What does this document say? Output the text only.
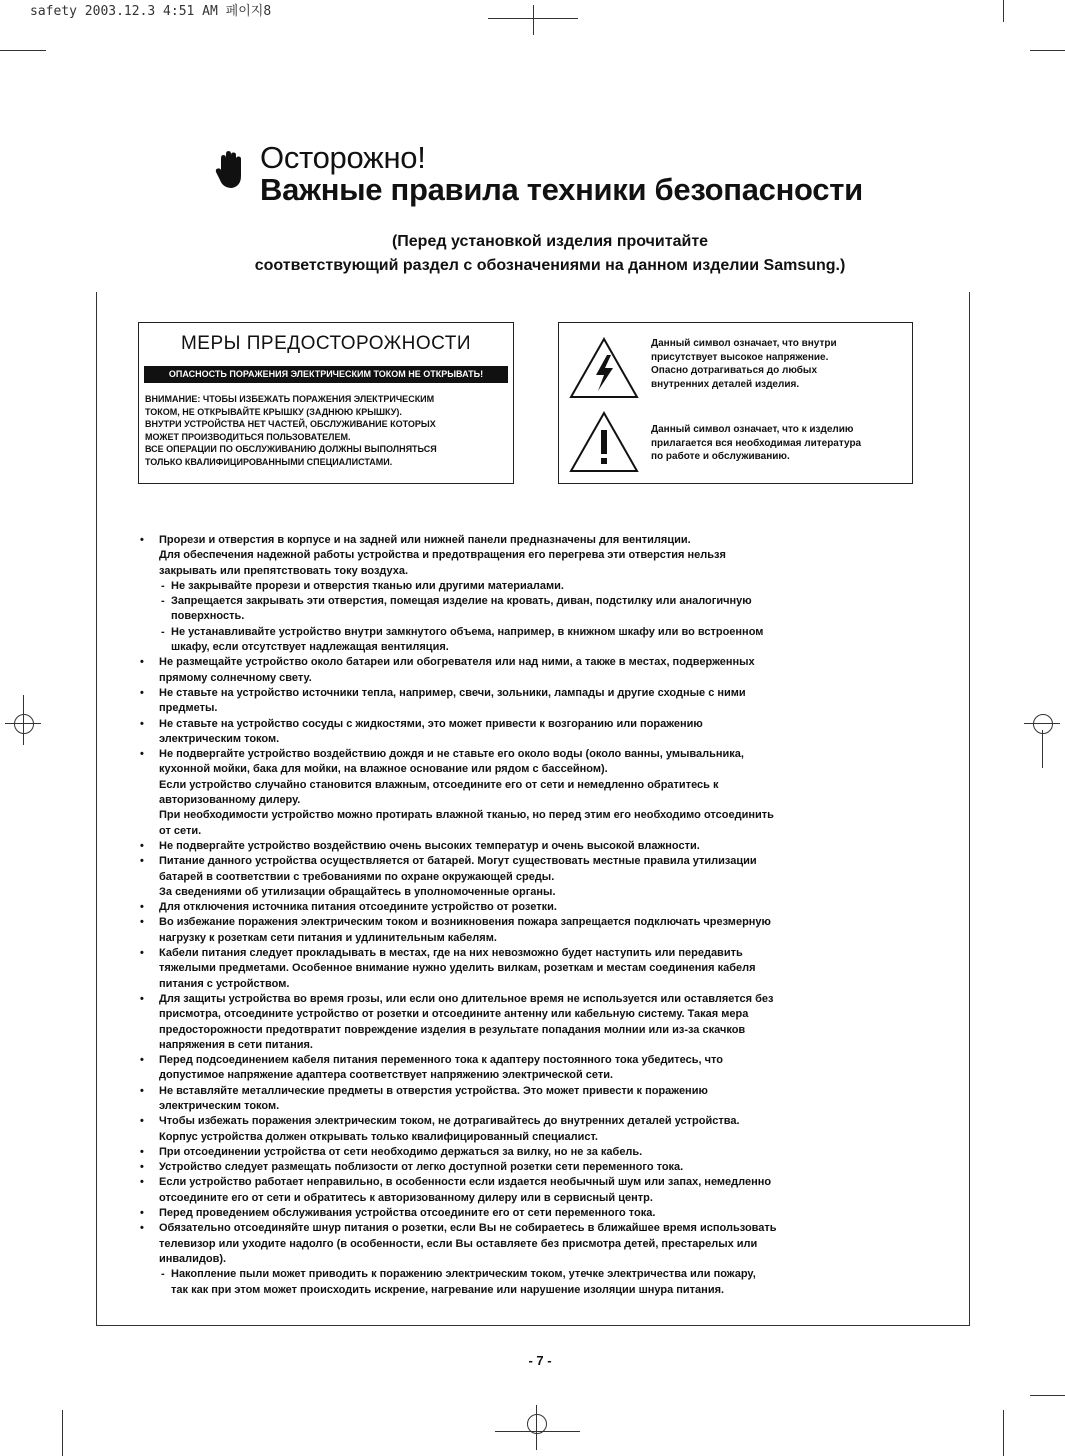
safety 2003.12.3 4:51 AM 페이지8
Осторожно!
Важные правила техники безопасности
(Перед установкой изделия прочитайте
соответствующий раздел с обозначениями на данном изделии Samsung.)
МЕРЫ ПРЕДОСТОРОЖНОСТИ
ОПАСНОСТЬ ПОРАЖЕНИЯ ЭЛЕКТРИЧЕСКИМ ТОКОМ НЕ ОТКРЫВАТЬ!
ВНИМАНИЕ: ЧТОБЫ ИЗБЕЖАТЬ ПОРАЖЕНИЯ ЭЛЕКТРИЧЕСКИМ
ТОКОМ, НЕ ОТКРЫВАЙТЕ КРЫШКУ (ЗАДНЮЮ КРЫШКУ).
ВНУТРИ УСТРОЙСТВА НЕТ ЧАСТЕЙ, ОБСЛУЖИВАНИЕ КОТОРЫХ
МОЖЕТ ПРОИЗВОДИТЬСЯ ПОЛЬЗОВАТЕЛЕМ.
ВСЕ ОПЕРАЦИИ ПО ОБСЛУЖИВАНИЮ ДОЛЖНЫ ВЫПОЛНЯТЬСЯ
ТОЛЬКО КВАЛИФИЦИРОВАННЫМИ СПЕЦИАЛИСТАМИ.
Данный символ означает, что внутри
присутствует высокое напряжение.
Опасно дотрагиваться до любых
внутренних деталей изделия.
Данный символ означает, что к изделию
прилагается вся необходимая литература
по работе и обслуживанию.
• Прорези и отверстия в корпусе и на задней или нижней панели предназначены для вентиляции.
Для обеспечения надежной работы устройства и предотвращения его перегрева эти отверстия нельзя
закрывать или препятствовать току воздуха.
- Не закрывайте прорези и отверстия тканью или другими материалами.
- Запрещается закрывать эти отверстия, помещая изделие на кровать, диван, подстилку или аналогичную
поверхность.
- Не устанавливайте устройство внутри замкнутого объема, например, в книжном шкафу или во встроенном
шкафу, если отсутствует надлежащая вентиляция.
• Не размещайте устройство около батареи или обогревателя или над ними, а также в местах, подверженных
прямому солнечному свету.
• Не ставьте на устройство источники тепла, например, свечи, зольники, лампады и другие сходные с ними
предметы.
• Не ставьте на устройство сосуды с жидкостями, это может привести к возгоранию или поражению
электрическим током.
• Не подвергайте устройство воздействию дождя и не ставьте его около воды (около ванны, умывальника,
кухонной мойки, бака для мойки, на влажное основание или рядом с бассейном).
Если устройство случайно становится влажным, отсоедините его от сети и немедленно обратитесь к
авторизованному дилеру.
При необходимости устройство можно протирать влажной тканью, но перед этим его необходимо отсоединить
от сети.
• Не подвергайте устройство воздействию очень высоких температур и очень высокой влажности.
• Питание данного устройства осуществляется от батарей. Могут существовать местные правила утилизации
батарей в соответствии с требованиями по охране окружающей среды.
За сведениями об утилизации обращайтесь в уполномоченные органы.
• Для отключения источника питания отсоедините устройство от розетки.
• Во избежание поражения электрическим током и возникновения пожара запрещается подключать чрезмерную
нагрузку к розеткам сети питания и удлинительным кабелям.
• Кабели питания следует прокладывать в местах, где на них невозможно будет наступить или передавить
тяжелыми предметами. Особенное внимание нужно уделить вилкам, розеткам и местам соединения кабеля
питания с устройством.
• Для защиты устройства во время грозы, или если оно длительное время не используется или оставляется без
присмотра, отсоедините устройство от розетки и отсоедините антенну или кабельную систему. Такая мера
предосторожности предотвратит повреждение изделия в результате попадания молнии или из-за скачков
напряжения в сети питания.
• Перед подсоединением кабеля питания переменного тока к адаптеру постоянного тока убедитесь, что
допустимое напряжение адаптера соответствует напряжению электрической сети.
• Не вставляйте металлические предметы в отверстия устройства. Это может привести к поражению
электрическим током.
• Чтобы избежать поражения электрическим током, не дотрагивайтесь до внутренних деталей устройства.
Корпус устройства должен открывать только квалифицированный специалист.
• При отсоединении устройства от сети необходимо держаться за вилку, но не за кабель.
• Устройство следует размещать поблизости от легко доступной розетки сети переменного тока.
• Если устройство работает неправильно, в особенности если издается необычный шум или запах, немедленно
отсоедините его от сети и обратитесь к авторизованному дилеру или в сервисный центр.
• Перед проведением обслуживания устройства отсоедините его от сети переменного тока.
• Обязательно отсоединяйте шнур питания о розетки, если Вы не собираетесь в ближайшее время использовать
телевизор или уходите надолго (в особенности, если Вы оставляете без присмотра детей, престарелых или
инвалидов).
- Накопление пыли может приводить к поражению электрическим током, утечке электричества или пожару,
так как при этом может происходить искрение, нагревание или нарушение изоляции шнура питания.
- 7 -
